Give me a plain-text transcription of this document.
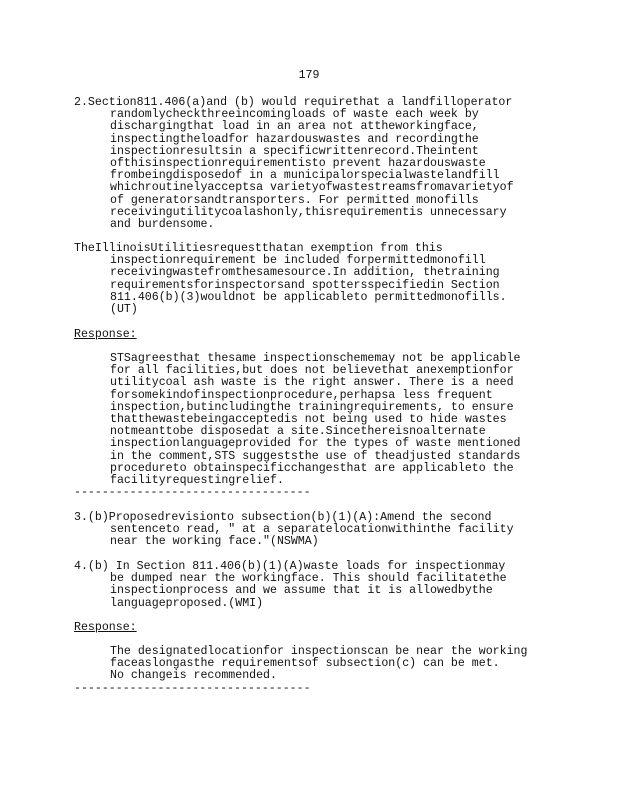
179
2.Section811.406(a)and (b) would requirethat a landfilloperator
randomlycheckthreeincomingloads of waste each week by
dischargingthat load in an area not attheworkingface,
inspectingtheloadfor hazardouswastes and recordingthe
inspectionresultsin a specificwrittenrecord.Theintent
ofthisinspectionrequirementisto prevent hazardouswaste
frombeingdisposedof in a municipalorspecialwastelandfill
whichroutinelyacceptsa varietyofwastestreamsfromavarietyof
of generatorsandtransporters. For permitted monofills
receivingutilitycoalashonly,thisrequirementis unnecessary
and burdensome.
TheIllinoisUtilitiesrequestthatan exemption from this
inspectionrequirement be included forpermittedmonofill
receivingwastefromthesamesource.In addition, thetraining
requirementsforinspectorsand spottersspecifiedin Section
811.406(b)(3)wouldnot be applicableto permittedmonofills.
(UT)
Response:
STSagreesthat thesame inspectionschememay not be applicable
for all facilities,but does not believethat anexemptionfor
utilitycoal ash waste is the right answer. There is a need
forsomekindofinspectionprocedure,perhapsa less frequent
inspection,butincludingthe trainingrequirements, to ensure
thatthewastebeingacceptedis not being used to hide wastes
notmeanttobe disposedat a site.Sincethereisnoalternate
inspectionlanguageprovided for the types of waste mentioned
in the comment,STS suggeststhe use of theadjusted standards
procedureto obtainspecificchangesthat are applicableto the
facilityrequestingrelief.
----------------------------------
3.(b)Proposedrevisionto subsection(b)(1)(A):Amend the second
sentenceto read, " at a separatelocationwithinthe facility
near the working face."(NSWMA)
4.(b) In Section 811.406(b)(1)(A)waste loads for inspectionmay
be dumped near the workingface. This should facilitatethe
inspectionprocess and we assume that it is allowedbythe
languageproposed.(WMI)
Response:
The designatedlocationfor inspectionscan be near the working
faceaslongasthe requirementsof subsection(c) can be met.
No changeis recommended.
----------------------------------
